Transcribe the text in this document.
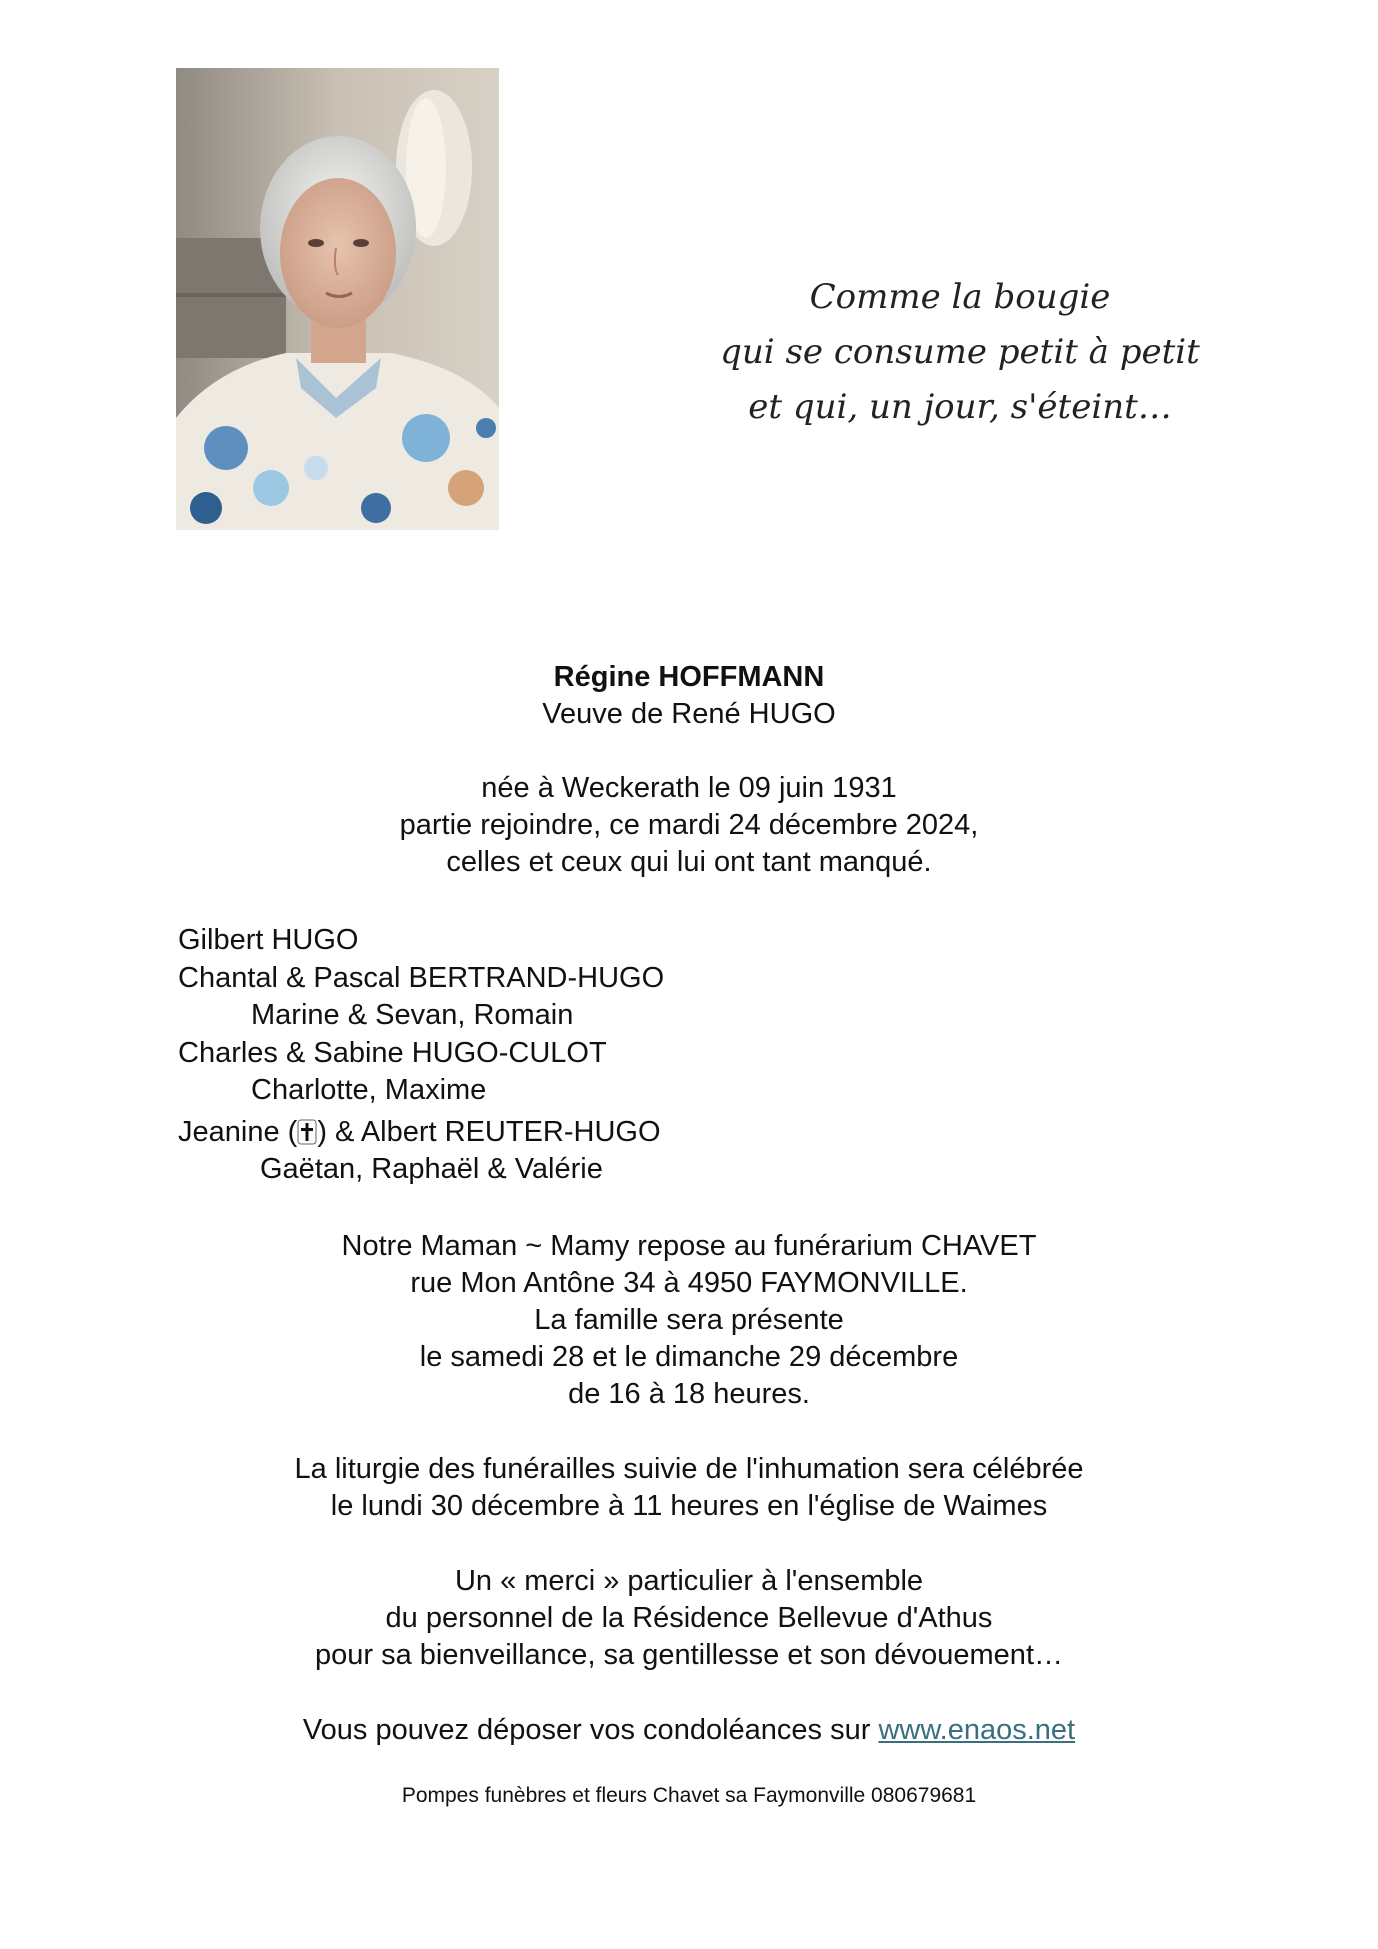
Comme la bougie
qui se consume petit à petit
et qui, un jour, s'éteint…
Régine HOFFMANN
Veuve de René HUGO
née à Weckerath le 09 juin 1931
partie rejoindre, ce mardi 24 décembre 2024,
celles et ceux qui lui ont tant manqué.
Gilbert HUGO
Chantal & Pascal BERTRAND-HUGO
Marine & Sevan, Romain
Charles & Sabine HUGO-CULOT
Charlotte, Maxime
Jeanine ( ) & Albert REUTER-HUGO
Gaëtan, Raphaël & Valérie
Notre Maman ~ Mamy repose au funérarium CHAVET
rue Mon Antône 34 à 4950 FAYMONVILLE.
La famille sera présente
le samedi 28 et le dimanche 29 décembre
de 16 à 18 heures.
La liturgie des funérailles suivie de l'inhumation sera célébrée
le lundi 30 décembre à 11 heures en l'église de Waimes
Un « merci » particulier à l'ensemble
du personnel de la Résidence Bellevue d'Athus
pour sa bienveillance, sa gentillesse et son dévouement…
Vous pouvez déposer vos condoléances sur www.enaos.net
Pompes funèbres et fleurs Chavet sa Faymonville 080679681
